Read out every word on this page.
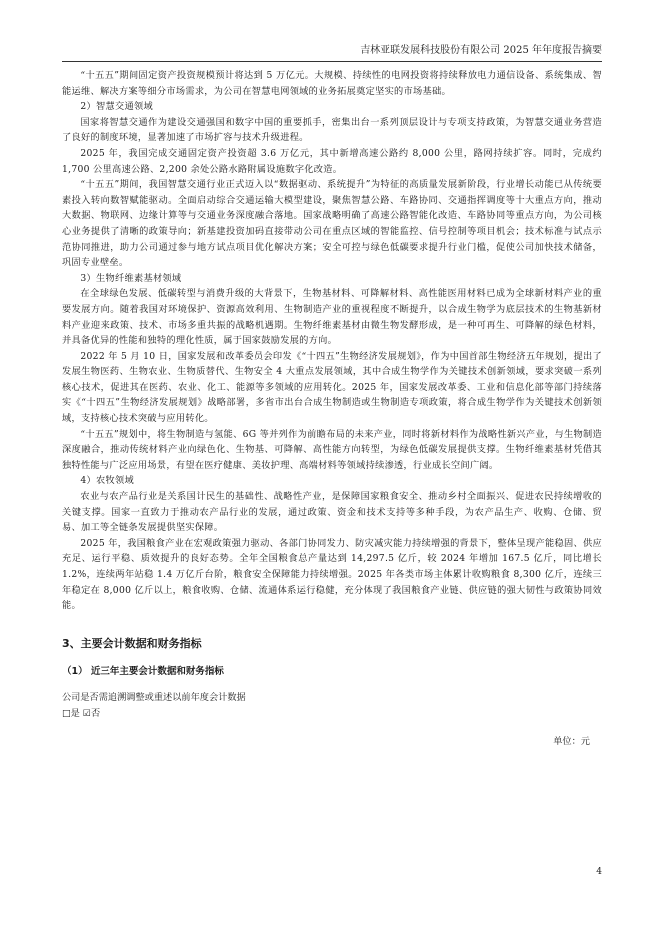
吉林亚联发展科技股份有限公司 2025 年年度报告摘要

“十五五”期间固定资产投资规模预计将达到 5 万亿元。大规模、持续性的电网投资将持续释放电力通信设备、系统集成、智能运维、解决方案等细分市场需求，为公司在智慧电网领域的业务拓展奠定坚实的市场基础。

2）智慧交通领域

国家将智慧交通作为建设交通强国和数字中国的重要抓手，密集出台一系列顶层设计与专项支持政策，为智慧交通业务营造了良好的制度环境，显著加速了市场扩容与技术升级进程。

2025 年，我国完成交通固定资产投资超 3.6 万亿元，其中新增高速公路约 8,000 公里，路网持续扩容。同时，完成约 1,700 公里高速公路、2,200 余处公路水路附属设施数字化改造。

“十五五”期间，我国智慧交通行业正式迈入以“数据驱动、系统提升”为特征的高质量发展新阶段，行业增长动能已从传统要素投入转向数智赋能驱动。全面启动综合交通运输大模型建设，聚焦智慧公路、车路协同、交通指挥调度等十大重点方向，推动大数据、物联网、边缘计算等与交通业务深度融合落地。国家战略明确了高速公路智能化改造、车路协同等重点方向，为公司核心业务提供了清晰的政策导向；新基建投资加码直接带动公司在重点区域的智能监控、信号控制等项目机会；技术标准与试点示范协同推进，助力公司通过参与地方试点项目优化解决方案；安全可控与绿色低碳要求提升行业门槛，促使公司加快技术储备，巩固专业壁垒。

3）生物纤维素基材领域

在全球绿色发展、低碳转型与消费升级的大背景下，生物基材料、可降解材料、高性能医用材料已成为全球新材料产业的重要发展方向。随着我国对环境保护、资源高效利用、生物制造产业的重视程度不断提升，以合成生物学为底层技术的生物基新材料产业迎来政策、技术、市场多重共振的战略机遇期。生物纤维素基材由微生物发酵形成，是一种可再生、可降解的绿色材料，并具备优异的性能和独特的理化性质，属于国家鼓励发展的方向。

2022 年 5 月 10 日，国家发展和改革委员会印发《“十四五”生物经济发展规划》，作为中国首部生物经济五年规划，提出了发展生物医药、生物农业、生物质替代、生物安全 4 大重点发展领域，其中合成生物学作为关键技术创新领域，要求突破一系列核心技术，促进其在医药、农业、化工、能源等多领域的应用转化。2025 年，国家发展改革委、工业和信息化部等部门持续落实《“十四五”生物经济发展规划》战略部署，多省市出台合成生物制造或生物制造专项政策，将合成生物学作为关键技术创新领域，支持核心技术突破与应用转化。

“十五五”规划中，将生物制造与氢能、6G 等并列作为前瞻布局的未来产业，同时将新材料作为战略性新兴产业，与生物制造深度融合，推动传统材料产业向绿色化、生物基、可降解、高性能方向转型，为绿色低碳发展提供支撑。生物纤维素基材凭借其独特性能与广泛应用场景，有望在医疗健康、美妆护理、高端材料等领域持续渗透，行业成长空间广阔。

4）农牧领域

农业与农产品行业是关系国计民生的基础性、战略性产业，是保障国家粮食安全、推动乡村全面振兴、促进农民持续增收的关键支撑。国家一直致力于推动农产品行业的发展，通过政策、资金和技术支持等多种手段，为农产品生产、收购、仓储、贸易、加工等全链条发展提供坚实保障。

2025 年，我国粮食产业在宏观政策强力驱动、各部门协同发力、防灾减灾能力持续增强的背景下，整体呈现产能稳固、供应充足、运行平稳、质效提升的良好态势。全年全国粮食总产量达到 14,297.5 亿斤，较 2024 年增加 167.5 亿斤，同比增长 1.2%，连续两年站稳 1.4 万亿斤台阶，粮食安全保障能力持续增强。2025 年各类市场主体累计收购粮食 8,300 亿斤，连续三年稳定在 8,000 亿斤以上，粮食收购、仓储、流通体系运行稳健，充分体现了我国粮食产业链、供应链的强大韧性与政策协同效能。

3、主要会计数据和财务指标
（1） 近三年主要会计数据和财务指标
公司是否需追溯调整或重述以前年度会计数据
□是 ☑否
单位：元
4
